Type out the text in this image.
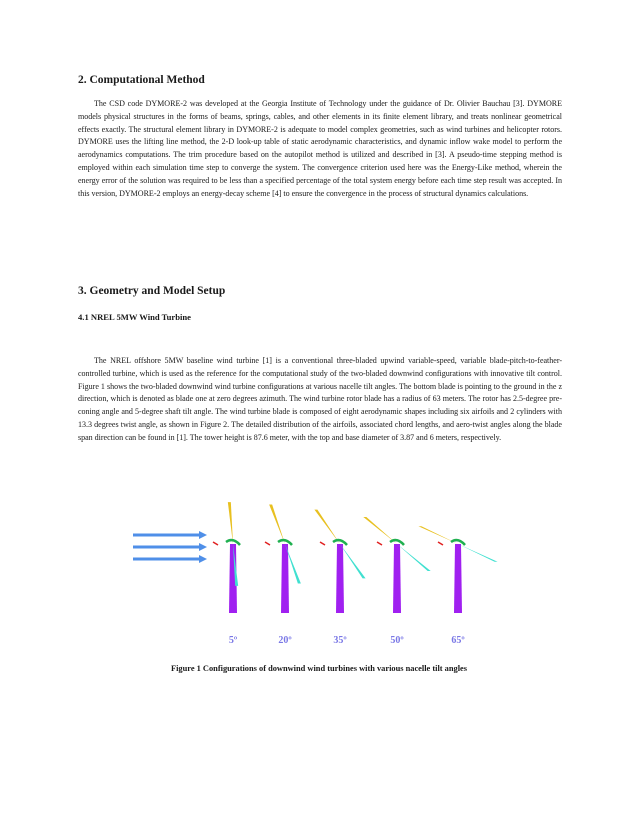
2. Computational Method

The CSD code DYMORE-2 was developed at the Georgia Institute of Technology under the guidance of Dr. Olivier Bauchau [3]. DYMORE models physical structures in the forms of beams, springs, cables, and other elements in its finite element library, and treats nonlinear geometrical effects exactly. The structural element library in DYMORE-2 is adequate to model complex geometries, such as wind turbines and helicopter rotors. DYMORE uses the lifting line method, the 2-D look-up table of static aerodynamic characteristics, and dynamic inflow wake model to perform the aerodynamics computations. The trim procedure based on the autopilot method is utilized and described in [3]. A pseudo-time stepping method is employed within each simulation time step to converge the system. The convergence criterion used here was the Energy-Like method, wherein the energy error of the solution was required to be less than a specified percentage of the total system energy before each time step result was accepted. In this version, DYMORE-2 employs an energy-decay scheme [4] to ensure the convergence in the process of structural dynamics calculations.

3. Geometry and Model Setup
4.1 NREL 5MW Wind Turbine

The NREL offshore 5MW baseline wind turbine [1] is a conventional three-bladed upwind variable-speed, variable blade-pitch-to-feather-controlled turbine, which is used as the reference for the computational study of the two-bladed downwind configurations with innovative tilt control. Figure 1 shows the two-bladed downwind wind turbine configurations at various nacelle tilt angles. The bottom blade is pointing to the ground in the z direction, which is denoted as blade one at zero degrees azimuth. The wind turbine rotor blade has a radius of 63 meters. The rotor has 2.5-degree pre-coning angle and 5-degree shaft tilt angle. The wind turbine blade is composed of eight aerodynamic shapes including six airfoils and 2 cylinders with 13.3 degrees twist angle, as shown in Figure 2. The detailed distribution of the airfoils, associated chord lengths, and aero-twist angles along the blade span direction can be found in [1]. The tower height is 87.6 meter, with the top and base diameter of 3.87 and 6 meters, respectively.

5º	20º	35º	50º	65º

Figure 1 Configurations of downwind wind turbines with various nacelle tilt angles
